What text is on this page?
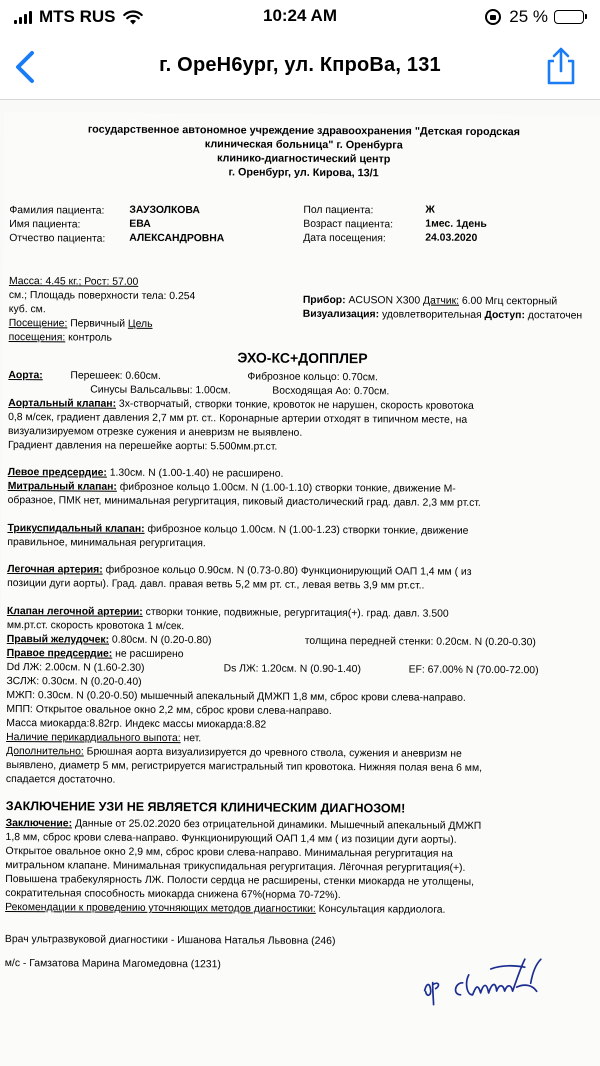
MTS RUS	10:24 AM	25 %
г. ОреН6ург, ул. КпроВа, 131
государственное автономное учреждение здравоохранения "Детская городская
клиническая больница" г. Оренбурга
клинико-диагностический центр
г. Оренбург, ул. Кирова, 13/1
Фамилия пациента: ЗАУЗОЛКОВА
Имя пациента:	ЕВА
Отчество пациента: АЛЕКСАНДРОВНА
Пол пациента:	Ж
Возраст пациента:	1мес. 1день
Дата посещения:	24.03.2020
Масса: 4.45 кг.; Рост: 57.00
см.; Площадь поверхности тела: 0.254
куб. см.
Посещение: Первичный Цель
посещения: контроль
Прибор: ACUSON X300 Датчик: 6.00 Мгц секторный
Визуализация: удовлетворительная Доступ: достаточен
ЭХО-КС+ДОППЛЕР
Аорта:	Перешеек: 0.60см.	Фиброзное кольцо: 0.70см.
Синусы Вальсальвы: 1.00см.	Восходящая Ао: 0.70см.
Аортальный клапан: 3х-створчатый, створки тонкие, кровоток не нарушен, скорость кровотока
0,8 м/сек, градиент давления 2,7 мм рт. ст.. Коронарные артерии отходят в типичном месте, на
визуализируемом отрезке сужения и аневризм не выявлено.
Градиент давления на перешейке аорты: 5.500мм.рт.ст.
Левое предсердие: 1.30см. N (1.00-1.40) не расширено.
Митральный клапан: фиброзное кольцо 1.00см. N (1.00-1.10) створки тонкие, движение М-
образное, ПМК нет, минимальная регургитация, пиковый диастолический град. давл. 2,3 мм рт.ст.
Трикуспидальный клапан: фиброзное кольцо 1.00см. N (1.00-1.23) створки тонкие, движение
правильное, минимальная регургитация.
Легочная артерия: фиброзное кольцо 0.90см. N (0.73-0.80) Функционирующий ОАП 1,4 мм ( из
позиции дуги аорты). Град. давл. правая ветвь 5,2 мм рт. ст., левая ветвь 3,9 мм рт.ст..
Клапан легочной артерии: створки тонкие, подвижные, регургитация(+). град. давл. 3.500
мм.рт.ст. скорость кровотока 1 м/сек.
Правый желудочек: 0.80см. N (0.20-0.80)	толщина передней стенки: 0.20см. N (0.20-0.30)
Правое предсердие: не расширено
Dd ЛЖ: 2.00см. N (1.60-2.30)	Ds ЛЖ: 1.20см. N (0.90-1.40)	EF: 67.00% N (70.00-72.00)
ЗСЛЖ: 0.30см. N (0.20-0.40)
МЖП: 0.30см. N (0.20-0.50) мышечный апекальный ДМЖП 1,8 мм, сброс крови слева-направо.
МПП: Открытое овальное окно 2,2 мм, сброс крови слева-направо.
Масса миокарда:8.82гр. Индекс массы миокарда:8.82
Наличие перикардиального выпота: нет.
Дополнительно: Брюшная аорта визуализируется до чревного ствола, сужения и аневризм не
выявлено, диаметр 5 мм, регистрируется магистральный тип кровотока. Нижняя полая вена 6 мм,
спадается достаточно.
ЗАКЛЮЧЕНИЕ УЗИ НЕ ЯВЛЯЕТСЯ КЛИНИЧЕСКИМ ДИАГНОЗОМ!
Заключение: Данные от 25.02.2020 без отрицательной динамики. Мышечный апекальный ДМЖП
1,8 мм, сброс крови слева-направо. Функционирующий ОАП 1,4 мм ( из позиции дуги аорты).
Открытое овальное окно 2,9 мм, сброс крови слева-направо. Минимальная регургитация на
митральном клапане. Минимальная трикуспидальная регургитация. Лёгочная регургитация(+).
Повышена трабекулярность ЛЖ. Полости сердца не расширены, стенки миокарда не утолщены,
сократительная способность миокарда снижена 67%(норма 70-72%).
Рекомендации к проведению уточняющих методов диагностики: Консультация кардиолога.
Врач ультразвуковой диагностики - Ишанова Наталья Львовна (246)
м/с - Гамзатова Марина Магомедовна (1231)
